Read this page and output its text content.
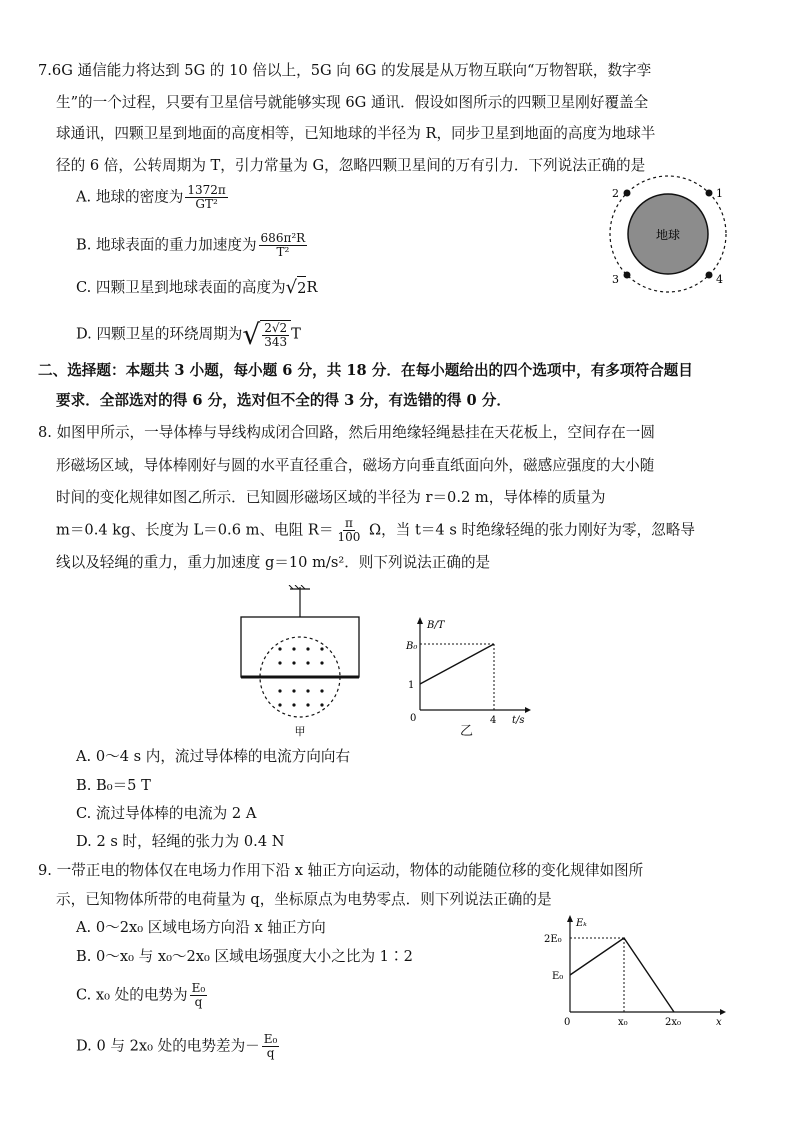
7.6G 通信能力将达到 5G 的 10 倍以上，5G 向 6G 的发展是从万物互联向“万物智联，数字孪
生”的一个过程，只要有卫星信号就能够实现 6G 通讯．假设如图所示的四颗卫星刚好覆盖全
球通讯，四颗卫星到地面的高度相等，已知地球的半径为 R，同步卫星到地面的高度为地球半
径的 6 倍，公转周期为 T，引力常量为 G，忽略四颗卫星间的万有引力．下列说法正确的是
A. 地球的密度为 $\frac{1372\pi}{\text{GT²}}$
B. 地球表面的重力加速度为 $\frac{\text{686π²R}}{\text{T²}}$
C. 四颗卫星到地球表面的高度为 √ 2 R
D. 四颗卫星的环绕周期为 √ $\frac{2√2}{343}$ T
地球
1
2
3	4
二、选择题：本题共 3 小题，每小题 6 分，共 18 分．在每小题给出的四个选项中，有多项符合题目
要求．全部选对的得 6 分，选对但不全的得 3 分，有选错的得 0 分．
8. 如图甲所示，一导体棒与导线构成闭合回路，然后用绝缘轻绳悬挂在天花板上，空间存在一圆
形磁场区域，导体棒刚好与圆的水平直径重合，磁场方向垂直纸面向外，磁感应强度的大小随
时间的变化规律如图乙所示．已知圆形磁场区域的半径为 r＝0.2 m，导体棒的质量为
m＝0.4 kg、长度为 L＝0.6 m、电阻 $R= \frac{\pi}{100}$ Ω，当 t＝4 s 时绝缘轻绳的张力刚好为零，忽略导
线以及轻绳的重力，重力加速度 g＝10 m/s²．则下列说法正确的是
甲
B/T
t/s
B₀
1
0	4
乙
A. 0～4 s 内，流过导体棒的电流方向向右
B. B₀＝5 T
C. 流过导体棒的电流为 2 A
D. 2 s 时，轻绳的张力为 0.4 N
9. 一带正电的物体仅在电场力作用下沿 x 轴正方向运动，物体的动能随位移的变化规律如图所
示，已知物体所带的电荷量为 q，坐标原点为电势零点．则下列说法正确的是
A. 0～2x₀ 区域电场方向沿 x 轴正方向
B. 0～x₀ 与 x₀～2x₀ 区域电场强度大小之比为 1∶2
C. x₀ 处的电势为 $\frac{\text{E₀}}{q}$
D. 0 与 2x₀ 处的电势差为－ $\frac{\text{E₀}}{q}$
Eₖ
x
2E₀
E₀
0	x₀	2x₀
